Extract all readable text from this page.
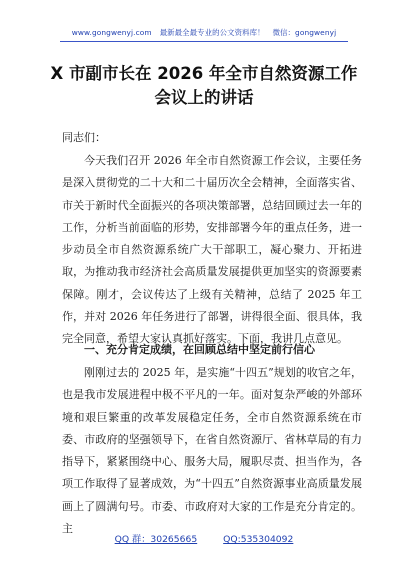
www.gongwenyj.com 最新最全最专业的公文资料库！ 微信：gongwenyj
X 市副市长在 2026 年全市自然资源工作
会议上的讲话
同志们：
今天我们召开 2026 年全市自然资源工作会议，主要任务是深入贯彻党的二十大和二十届历次全会精神，全面落实省、市关于新时代全面振兴的各项决策部署，总结回顾过去一年的工作，分析当前面临的形势，安排部署今年的重点任务，进一步动员全市自然资源系统广大干部职工，凝心聚力、开拓进取，为推动我市经济社会高质量发展提供更加坚实的资源要素保障。刚才，会议传达了上级有关精神，总结了 2025 年工作，并对 2026 年任务进行了部署，讲得很全面、很具体，我完全同意，希望大家认真抓好落实。下面，我讲几点意见。
一、充分肯定成绩，在回顾总结中坚定前行信心
刚刚过去的 2025 年，是实施“十四五”规划的收官之年，也是我市发展进程中极不平凡的一年。面对复杂严峻的外部环境和艰巨繁重的改革发展稳定任务，全市自然资源系统在市委、市政府的坚强领导下，在省自然资源厅、省林草局的有力指导下，紧紧围绕中心、服务大局，履职尽责、担当作为，各项工作取得了显著成效，为“十四五”自然资源事业高质量发展画上了圆满句号。市委、市政府对大家的工作是充分肯定的。主
QQ 群：30265665	QQ:535304092
